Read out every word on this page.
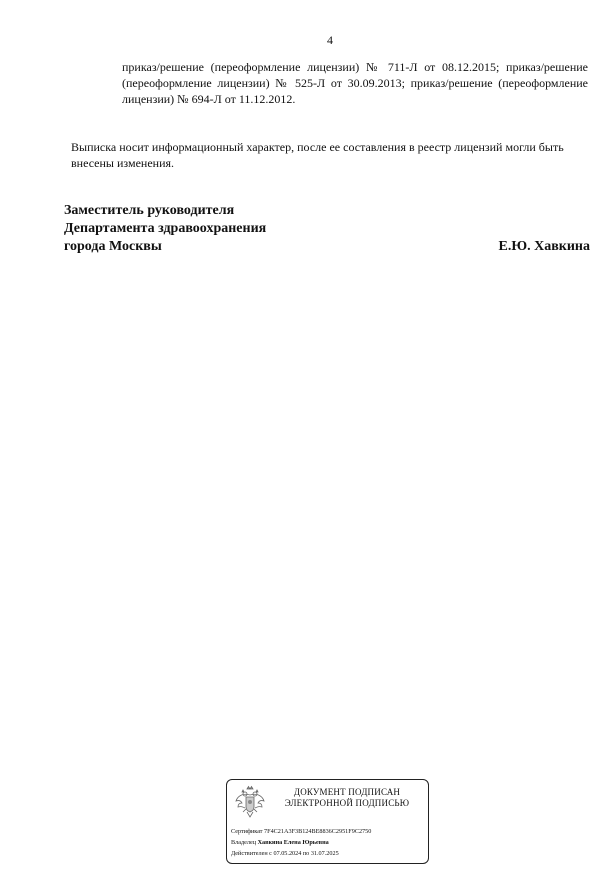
4
приказ/решение (переоформление лицензии) № 711-Л от 08.12.2015; приказ/решение (переоформление лицензии) № 525-Л от 30.09.2013; приказ/решение (переоформление лицензии) № 694-Л от 11.12.2012.
Выписка носит информационный характер, после ее составления в реестр лицензий могли быть внесены изменения.
Заместитель руководителя
Департамента здравоохранения
города Москвы	Е.Ю. Хавкина
ДОКУМЕНТ ПОДПИСАН
ЭЛЕКТРОННОЙ ПОДПИСЬЮ
Сертификат 7F4C21A3F3B124BE8836C2951F9C2750
Владелец Хавкина Елена Юрьевна
Действителен с 07.05.2024 по 31.07.2025
